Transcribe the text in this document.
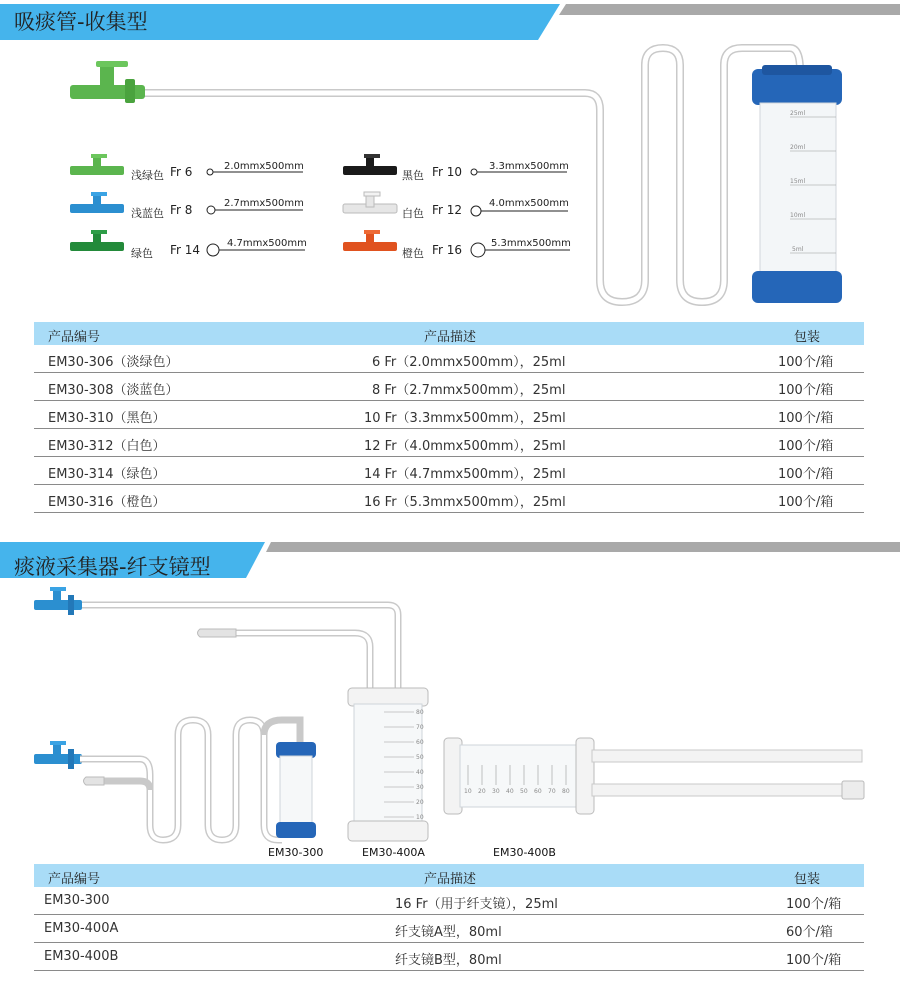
吸痰管-收集型
25ml
20ml
15ml
10ml
5ml
浅绿色 Fr 6	2.0mmx500mm
浅蓝色 Fr 8	2.7mmx500mm
绿色 Fr 14	4.7mmx500mm
黑色 Fr 10	3.3mmx500mm
白色 Fr 12	4.0mmx500mm
橙色 Fr 16	5.3mmx500mm
产品编号	产品描述	包装
EM30-306（淡绿色）	6 Fr（2.0mmx500mm），25ml	100个/箱
EM30-308（淡蓝色）	8 Fr（2.7mmx500mm），25ml	100个/箱
EM30-310（黑色）	10 Fr（3.3mmx500mm），25ml	100个/箱
EM30-312（白色）	12 Fr（4.0mmx500mm），25ml	100个/箱
EM30-314（绿色）	14 Fr（4.7mmx500mm），25ml	100个/箱
EM30-316（橙色）	16 Fr（5.3mmx500mm），25ml	100个/箱
痰液采集器-纤支镜型
80
70
60
50
40
30
20
10
10 20 30 40 50 60 70 80
EM30-300	EM30-400A	EM30-400B
产品编号	产品描述	包装
EM30-300	16 Fr（用于纤支镜），25ml	100个/箱
EM30-400A	纤支镜A型，80ml	60个/箱
EM30-400B	纤支镜B型，80ml	100个/箱
